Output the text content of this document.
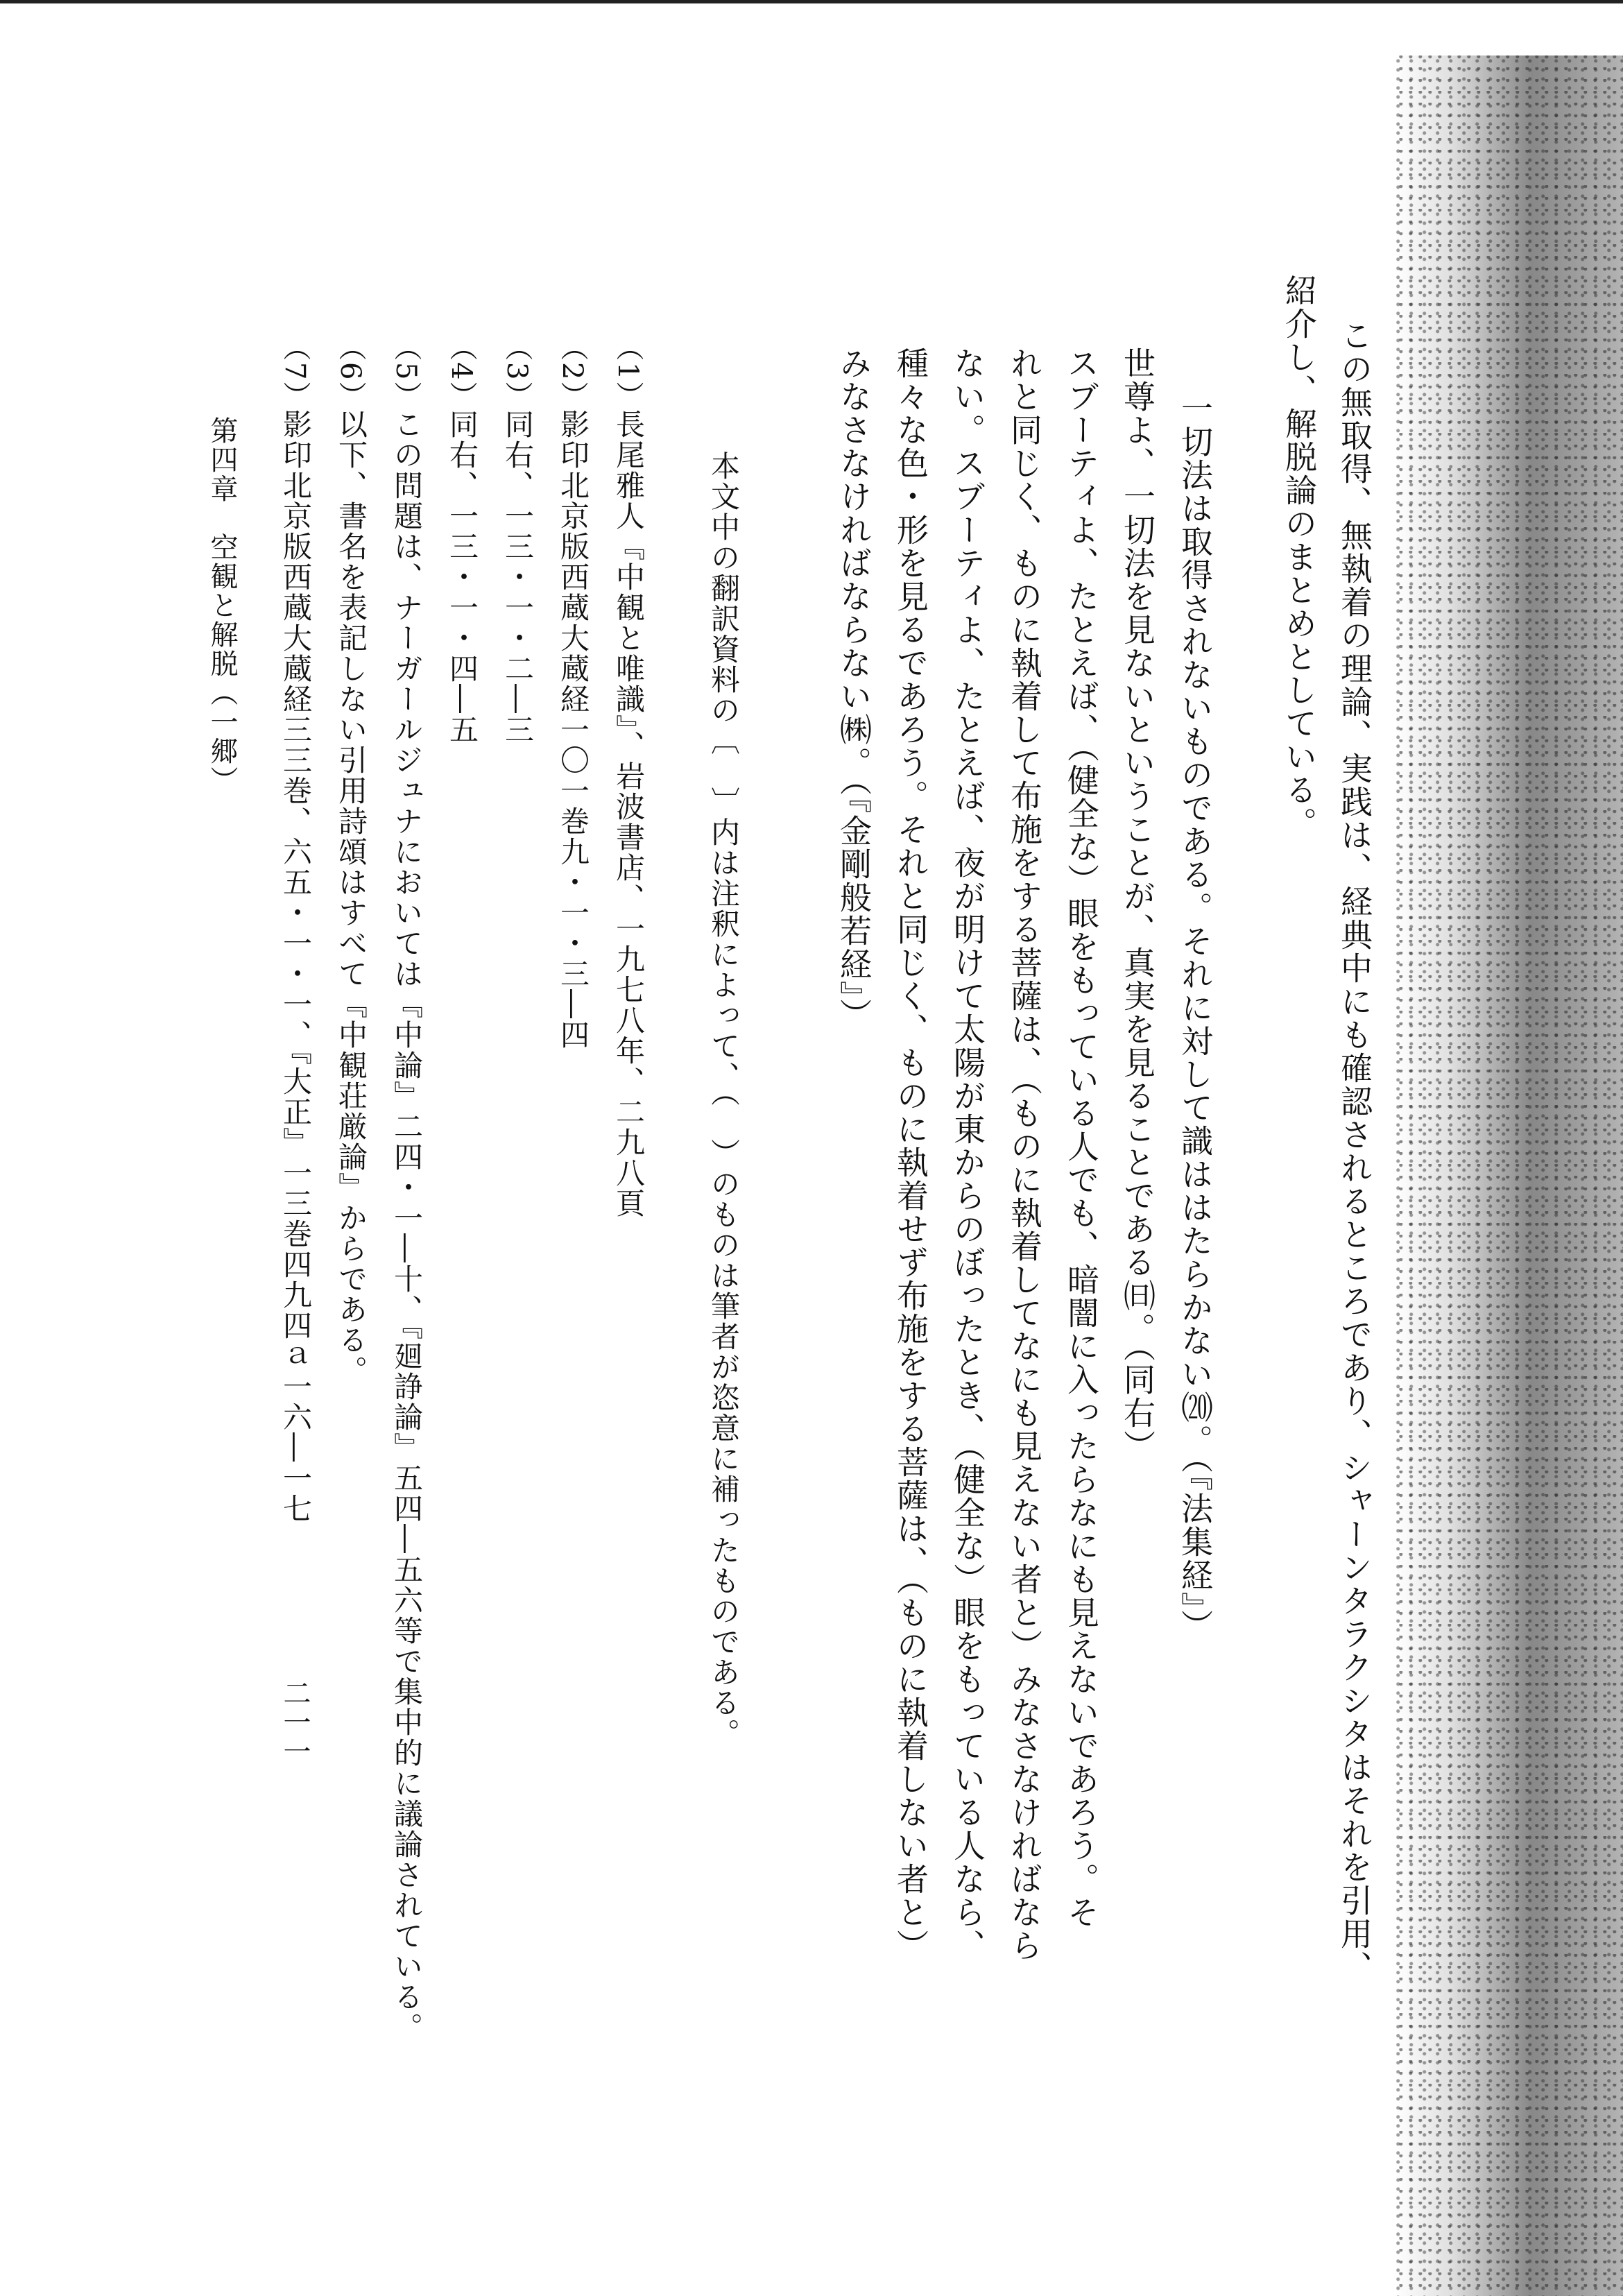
この無取得、無執着の理論、実践は、経典中にも確認されるところであり、シャーンタラクシタはそれを引用、
紹介し、解脱論のまとめとしている。
一切法は取得されないものである。それに対して識ははたらかない⒇。（『法集経』）
世尊よ、一切法を見ないということが、真実を見ることである㈰。（同右）
スブーティよ、たとえば、（健全な）眼をもっている人でも、暗闇に入ったらなにも見えないであろう。そ
れと同じく、ものに執着して布施をする菩薩は、（ものに執着してなにも見えない者と）みなさなければなら
ない。スブーティよ、たとえば、夜が明けて太陽が東からのぼったとき、（健全な）眼をもっている人なら、
種々な色・形を見るであろう。それと同じく、ものに執着せず布施をする菩薩は、（ものに執着しない者と）
みなさなければならない㈱。（『金剛般若経』）
本文中の翻訳資料の〔　〕内は注釈によって、（　）のものは筆者が恣意に補ったものである。
（1）
長尾雅人『中観と唯識』、岩波書店、一九七八年、二九八頁
（2）
影印北京版西蔵大蔵経一〇一巻九・一・三―四
（3）
同右、一三・一・二―三
（4）
同右、一三・一・四―五
（5）
この問題は、ナーガールジュナにおいては『中論』二四・一―十、『廻諍論』五四―五六等で集中的に議論されている。
（6）
以下、書名を表記しない引用詩頌はすべて『中観荘厳論』からである。
（7）
影印北京版西蔵大蔵経三三巻、六五・一・一、『大正』一三巻四九四ａ一六―一七
第四章　空観と解脱（一郷）
二一一
